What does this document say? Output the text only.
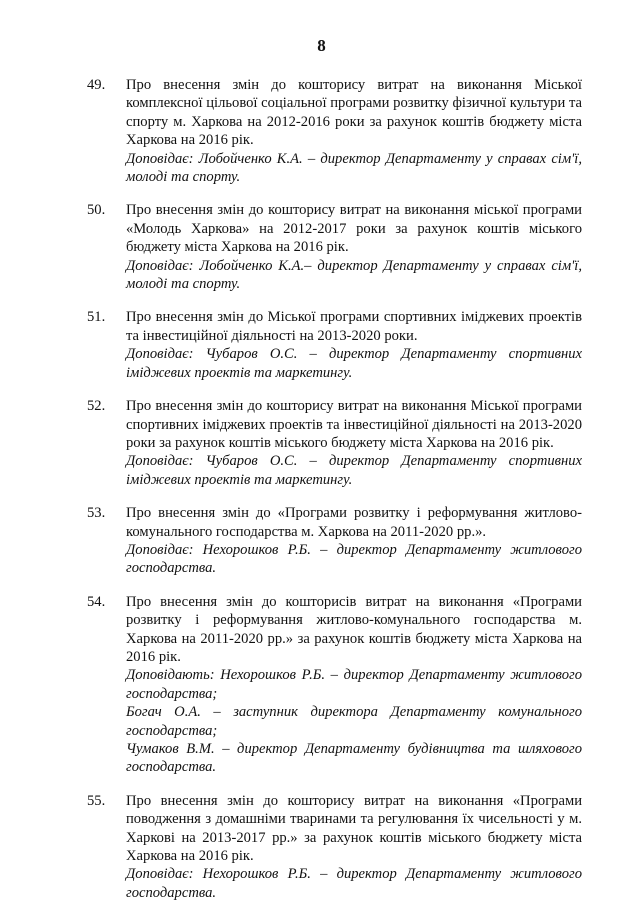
8
49. Про внесення змін до кошторису витрат на виконання Міської комплексної цільової соціальної програми розвитку фізичної культури та спорту м. Харкова на 2012-2016 роки за рахунок коштів бюджету міста Харкова на 2016 рік.

Доповідає: Лобойченко К.А. – директор Департаменту у справах сім'ї, молоді та спорту.

50. Про внесення змін до кошторису витрат на виконання міської програми «Молодь Харкова» на 2012-2017 роки за рахунок коштів міського бюджету міста Харкова на 2016 рік.

Доповідає: Лобойченко К.А.– директор Департаменту у справах сім'ї, молоді та спорту.

51. Про внесення змін до Міської програми спортивних іміджевих проектів та інвестиційної діяльності на 2013-2020 роки.

Доповідає: Чубаров О.С. – директор Департаменту спортивних іміджевих проектів та маркетингу.

52. Про внесення змін до кошторису витрат на виконання Міської програми спортивних іміджевих проектів та інвестиційної діяльності на 2013-2020 роки за рахунок коштів міського бюджету міста Харкова на 2016 рік.

Доповідає: Чубаров О.С. – директор Департаменту спортивних іміджевих проектів та маркетингу.

53. Про внесення змін до «Програми розвитку і реформування житлово-комунального господарства м. Харкова на 2011-2020 рр.».

Доповідає: Нехорошков Р.Б. – директор Департаменту житлового господарства.

54. Про внесення змін до кошторисів витрат на виконання «Програми розвитку і реформування житлово-комунального господарства м. Харкова на 2011-2020 рр.» за рахунок коштів бюджету міста Харкова на 2016 рік.

Доповідають: Нехорошков Р.Б. – директор Департаменту житлового господарства;

Богач О.А. – заступник директора Департаменту комунального господарства;

Чумаков В.М. – директор Департаменту будівництва та шляхового господарства.

55. Про внесення змін до кошторису витрат на виконання «Програми поводження з домашніми тваринами та регулювання їх чисельності у м. Харкові на 2013-2017 рр.» за рахунок коштів міського бюджету міста Харкова на 2016 рік.

Доповідає: Нехорошков Р.Б. – директор Департаменту житлового господарства.
